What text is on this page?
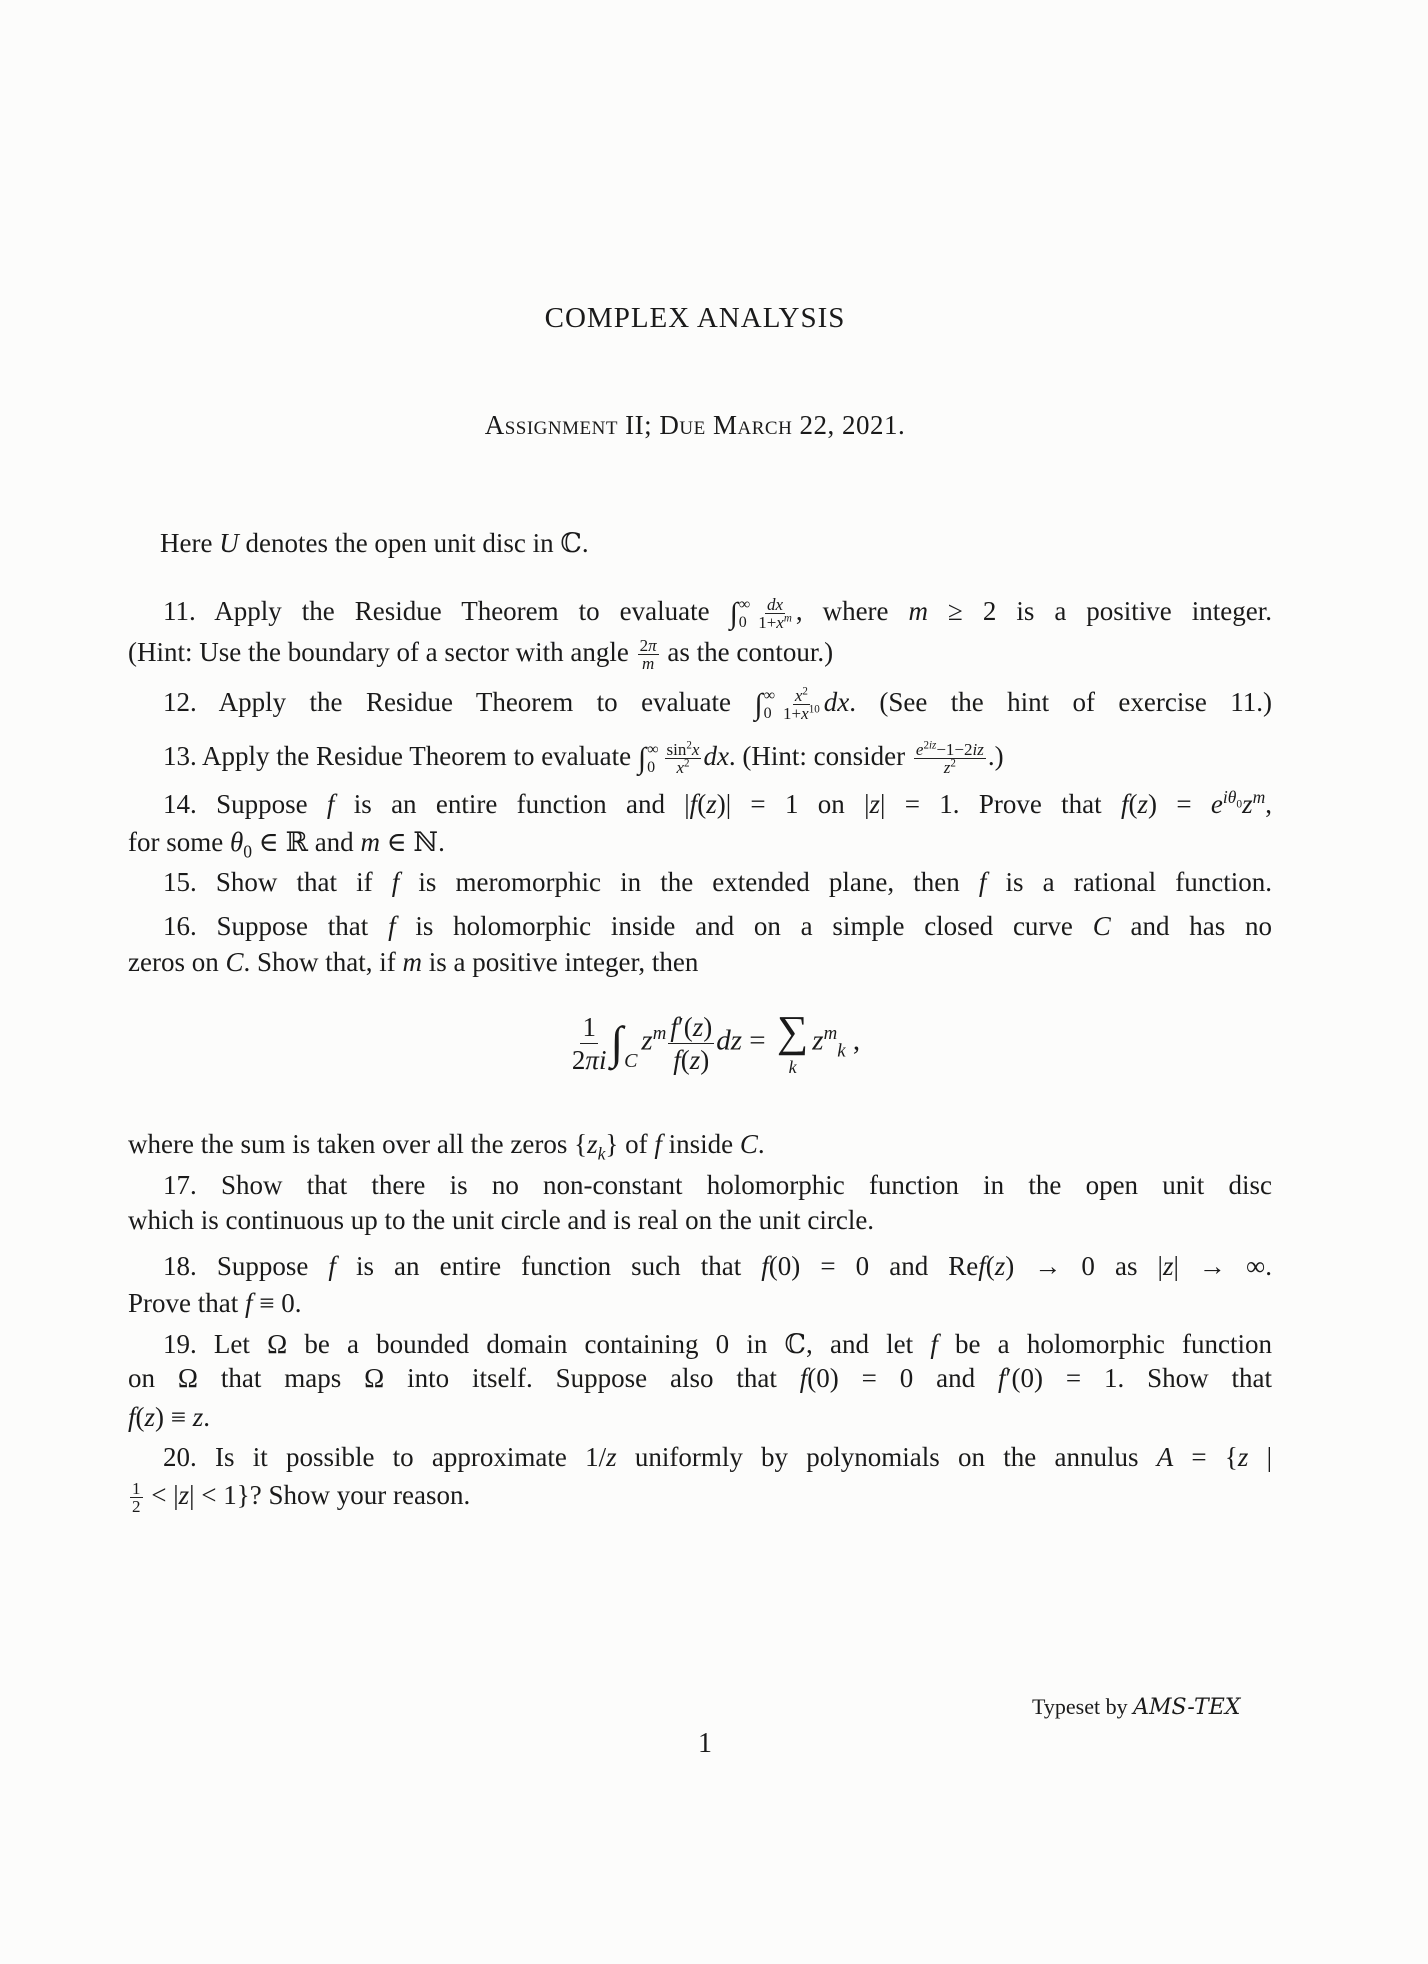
COMPLEX ANALYSIS
Assignment II; Due March 22, 2021.
Here U denotes the open unit disc in ℂ.
11. Apply the Residue Theorem to evaluate ∫ ∞
$0 \frac{dx}{1+x^m}$ , where m ≥ 2 is a positive integer.
(Hint: Use the boundary of a sector with angle $\frac{2\pi}{m}$ as the contour.)
12. Apply the Residue Theorem to evaluate ∫ ∞
$0 \frac{x^2}{1+x^{10}}$ dx. (See the hint of exercise 11.)
13. Apply the Residue Theorem to evaluate ∫ ∞
$0 \frac{\sin^2x}{x^2}$ dx. (Hint: consider $\frac{e^{2iz}-1-2iz}{z^2}$ .)
14. Suppose f is an entire function and |f(z)| = 1 on |z| = 1. Prove that $f(z) = e^{i\theta_0}z^m$,
for some $\theta_0$ ∈ ℝ and m ∈ ℕ.
15. Show that if f is meromorphic in the extended plane, then f is a rational function.
16. Suppose that f is holomorphic inside and on a simple closed curve C and has no
zeros on C. Show that, if m is a positive integer, then
$\frac{1}{2\pi i}$ ∫ C
$z^m \frac{f'(z)}{f(z)}$ dz = ∑
k
$z^m_k$ ,
where the sum is taken over all the zeros $\{z_k\}$ of f inside C.
17. Show that there is no non-constant holomorphic function in the open unit disc
which is continuous up to the unit circle and is real on the unit circle.
18. Suppose f is an entire function such that f(0) = 0 and Ref(z) → 0 as |z| → ∞.
Prove that f ≡ 0.
19. Let Ω be a bounded domain containing 0 in ℂ, and let f be a holomorphic function
on Ω that maps Ω into itself. Suppose also that f(0) = 0 and f′(0) = 1. Show that
f(z) ≡ z.
20. Is it possible to approximate 1/z uniformly by polynomials on the annulus A = {z |
$\frac{1}{2} < |z| < 1$}? Show your reason.
Typeset by AMS-TEX
1
